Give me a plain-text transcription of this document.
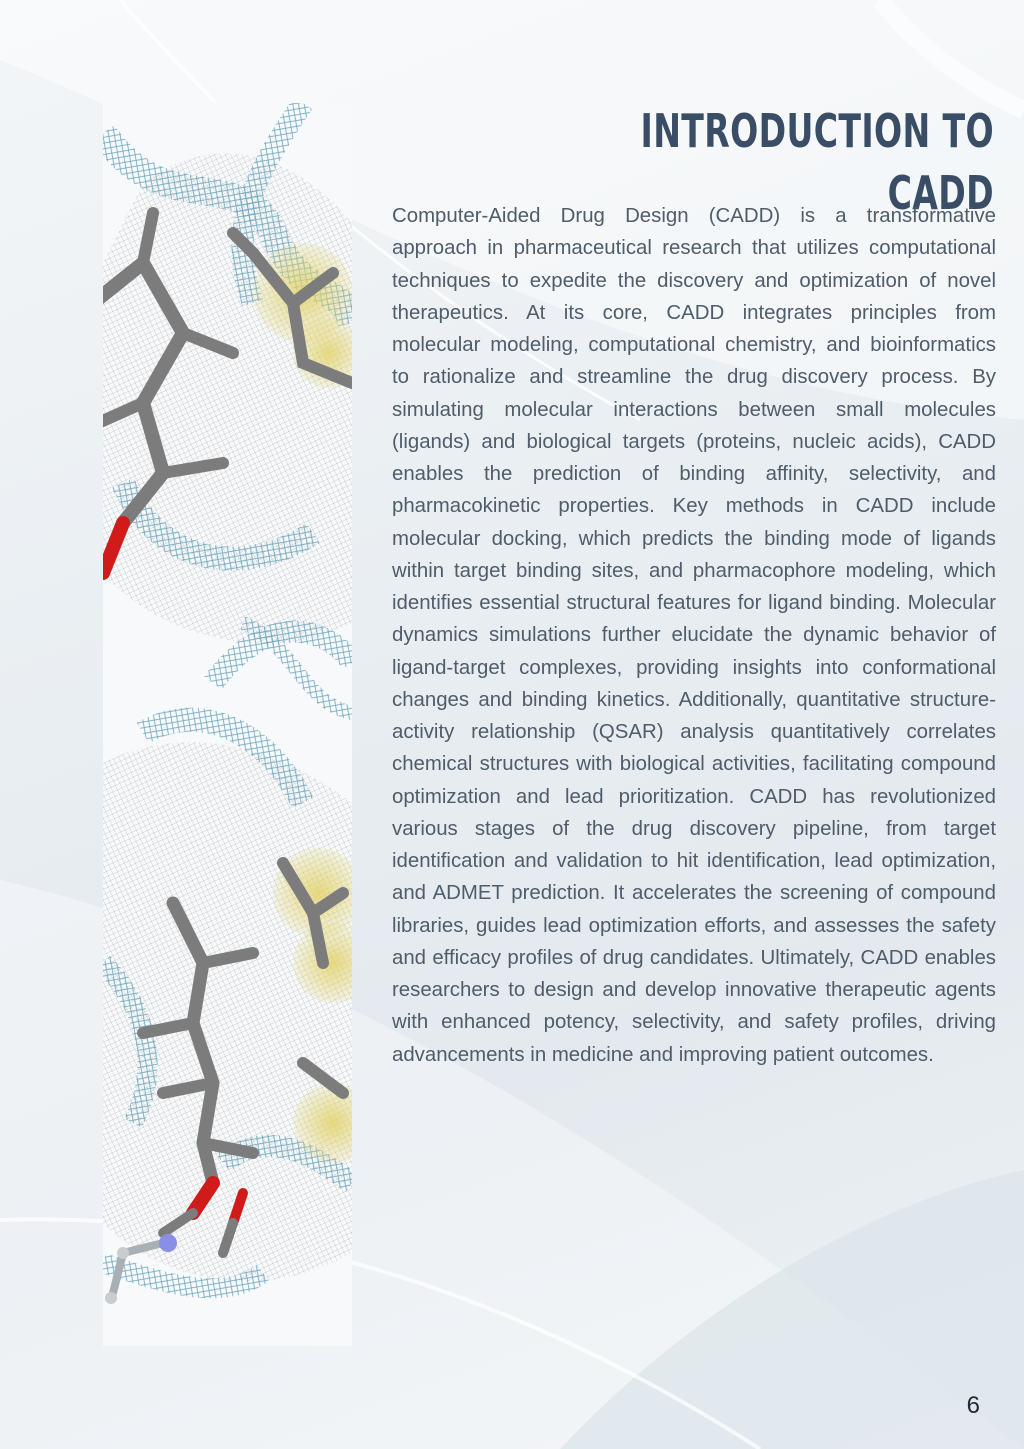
INTRODUCTION TO CADD

Computer-Aided Drug Design (CADD) is a transformative approach in pharmaceutical research that utilizes computational techniques to expedite the discovery and optimization of novel therapeutics. At its core, CADD integrates principles from molecular modeling, computational chemistry, and bioinformatics to rationalize and streamline the drug discovery process. By simulating molecular interactions between small molecules (ligands) and biological targets (proteins, nucleic acids), CADD enables the prediction of binding affinity, selectivity, and pharmacokinetic properties. Key methods in CADD include molecular docking, which predicts the binding mode of ligands within target binding sites, and pharmacophore modeling, which identifies essential structural features for ligand binding. Molecular dynamics simulations further elucidate the dynamic behavior of ligand-target complexes, providing insights into conformational changes and binding kinetics. Additionally, quantitative structure-activity relationship (QSAR) analysis quantitatively correlates chemical structures with biological activities, facilitating compound optimization and lead prioritization. CADD has revolutionized various stages of the drug discovery pipeline, from target identification and validation to hit identification, lead optimization, and ADMET prediction. It accelerates the screening of compound libraries, guides lead optimization efforts, and assesses the safety and efficacy profiles of drug candidates. Ultimately, CADD enables researchers to design and develop innovative therapeutic agents with enhanced potency, selectivity, and safety profiles, driving advancements in medicine and improving patient outcomes.

6
